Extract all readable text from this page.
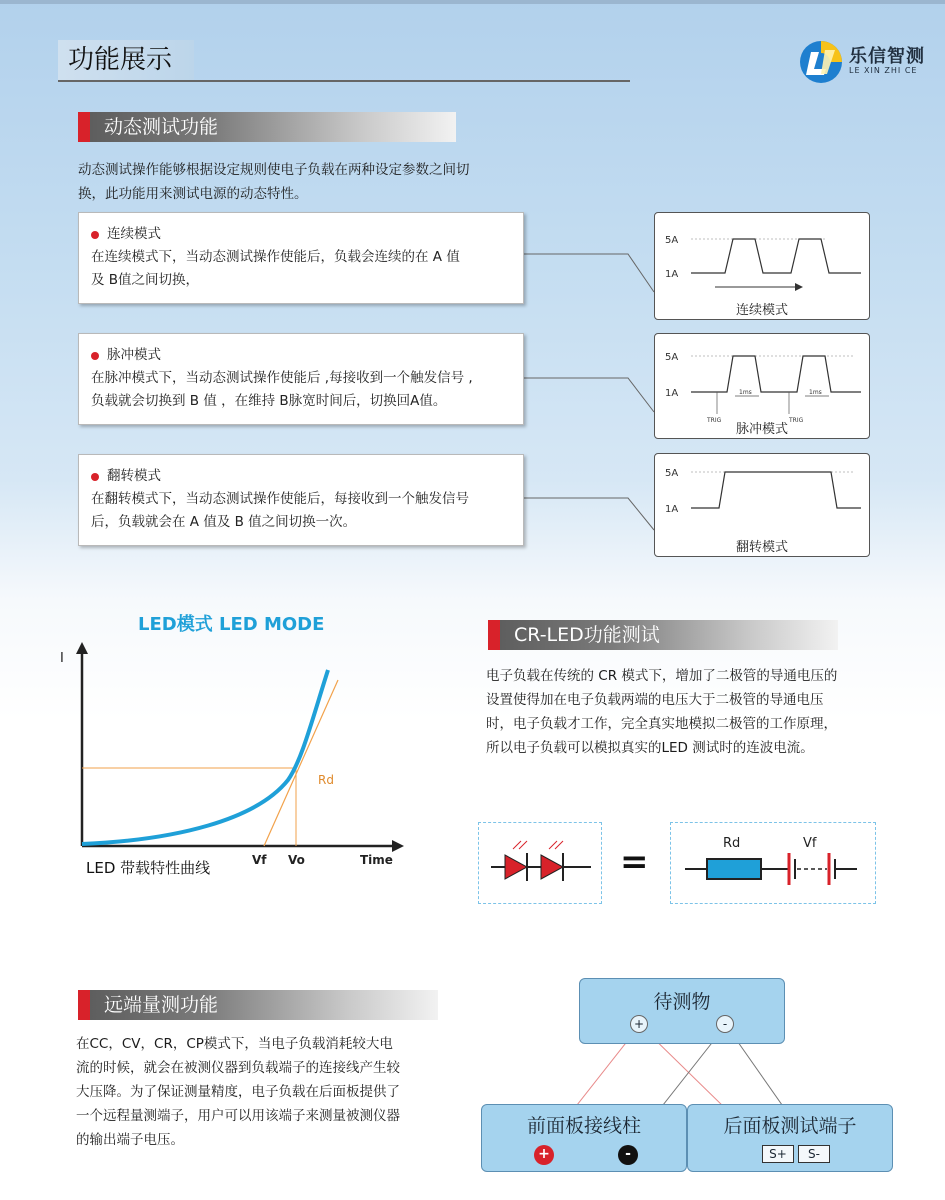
功能展示	乐信智测
LE XIN ZHI CE
动态测试功能
动态测试操作能够根据设定规则使电子负载在两种设定参数之间切
换，此功能用来测试电源的动态特性。
连续模式
在连续模式下，当动态测试操作使能后，负载会连续的在 A 值
及 B值之间切换，
5A
1A
连续模式
脉冲模式
在脉冲模式下，当动态测试操作使能后 ,每接收到一个触发信号 ,
负载就会切换到 B 值 ，在维持 B脉宽时间后，切换回A值。
5A
1A	1ms	1ms
TRIG	TRIG
脉冲模式
翻转模式
在翻转模式下，当动态测试操作使能后，每接收到一个触发信号
后，负载就会在 A 值及 B 值之间切换一次。
5A
1A
翻转模式
LED模式 LED MODE
I
Rd
Vf Vo	Time
LED 带载特性曲线
CR-LED功能测试
电子负载在传统的 CR 模式下，增加了二极管的导通电压的
设置使得加在电子负载两端的电压大于二极管的导通电压
时，电子负载才工作，完全真实地模拟二极管的工作原理，
所以电子负载可以模拟真实的LED 测试时的连波电流。
=	Rd	Vf
远端量测功能
在CC，CV，CR，CP模式下，当电子负载消耗较大电
流的时候，就会在被测仪器到负载端子的连接线产生较
大压降。为了保证测量精度，电子负载在后面板提供了
一个远程量测端子，用户可以用该端子来测量被测仪器
的输出端子电压。
待测物
+	-
前面板接线柱
+	-
后面板测试端子
S+	S-
